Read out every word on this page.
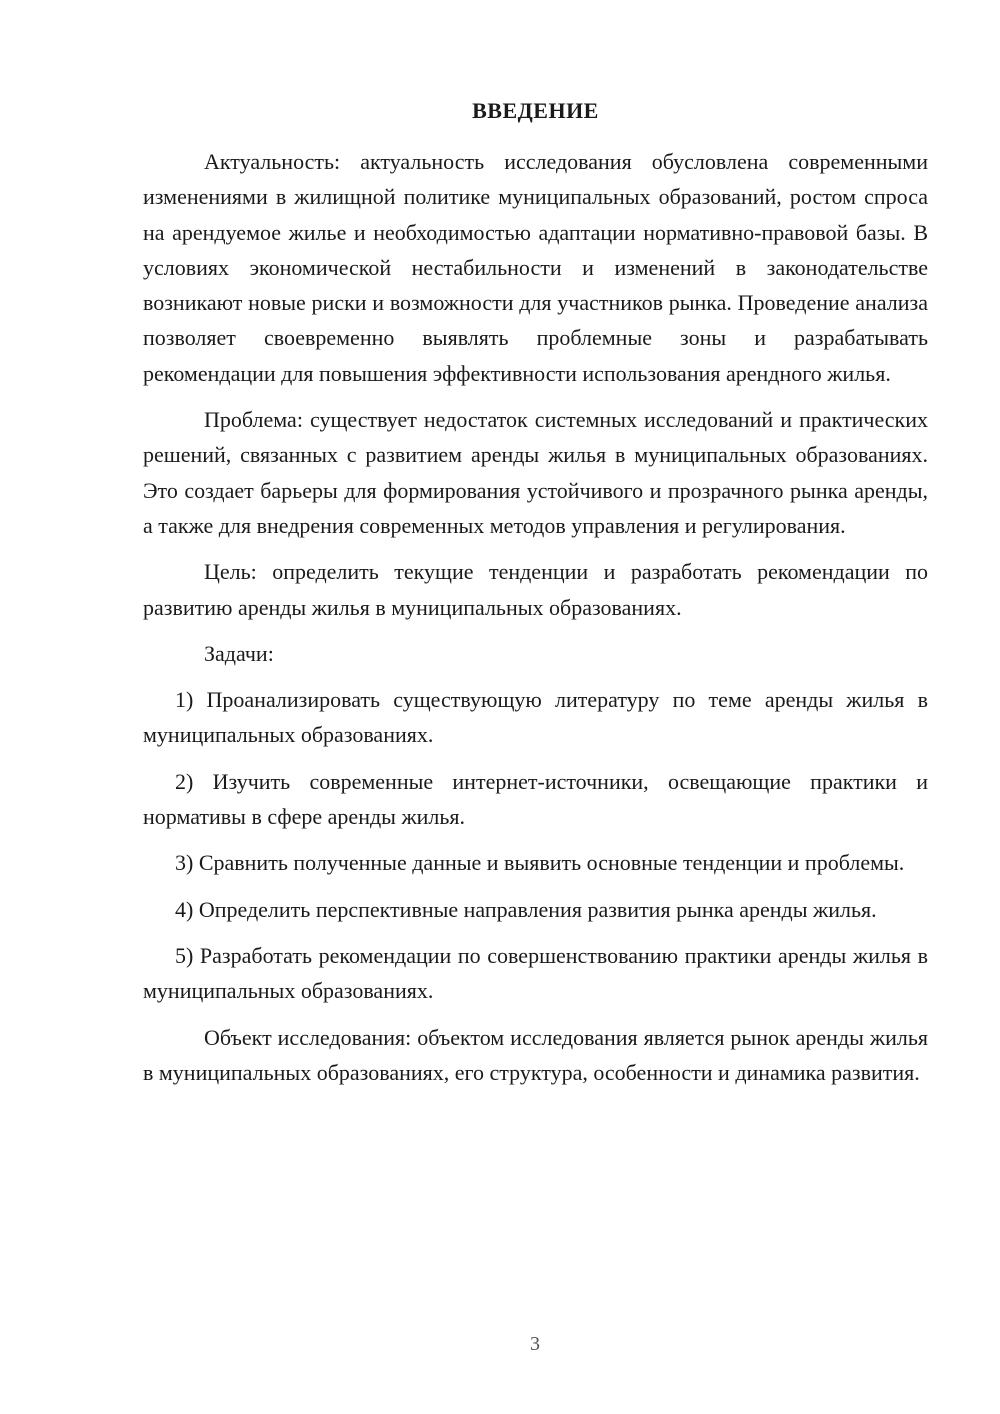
ВВЕДЕНИЕ

Актуальность: актуальность исследования обусловлена современными изменениями в жилищной политике муниципальных образований, ростом спроса на арендуемое жилье и необходимостью адаптации нормативно-правовой базы. В условиях экономической нестабильности и изменений в законодательстве возникают новые риски и возможности для участников рынка. Проведение анализа позволяет своевременно выявлять проблемные зоны и разрабатывать рекомендации для повышения эффективности использования арендного жилья.

Проблема: существует недостаток системных исследований и практических решений, связанных с развитием аренды жилья в муниципальных образованиях. Это создает барьеры для формирования устойчивого и прозрачного рынка аренды, а также для внедрения современных методов управления и регулирования.

Цель: определить текущие тенденции и разработать рекомендации по развитию аренды жилья в муниципальных образованиях.

Задачи:

1) Проанализировать существующую литературу по теме аренды жилья в муниципальных образованиях.

2) Изучить современные интернет-источники, освещающие практики и нормативы в сфере аренды жилья.

3) Сравнить полученные данные и выявить основные тенденции и проблемы.

4) Определить перспективные направления развития рынка аренды жилья.

5) Разработать рекомендации по совершенствованию практики аренды жилья в муниципальных образованиях.

Объект исследования: объектом исследования является рынок аренды жилья в муниципальных образованиях, его структура, особенности и динамика развития.

3
